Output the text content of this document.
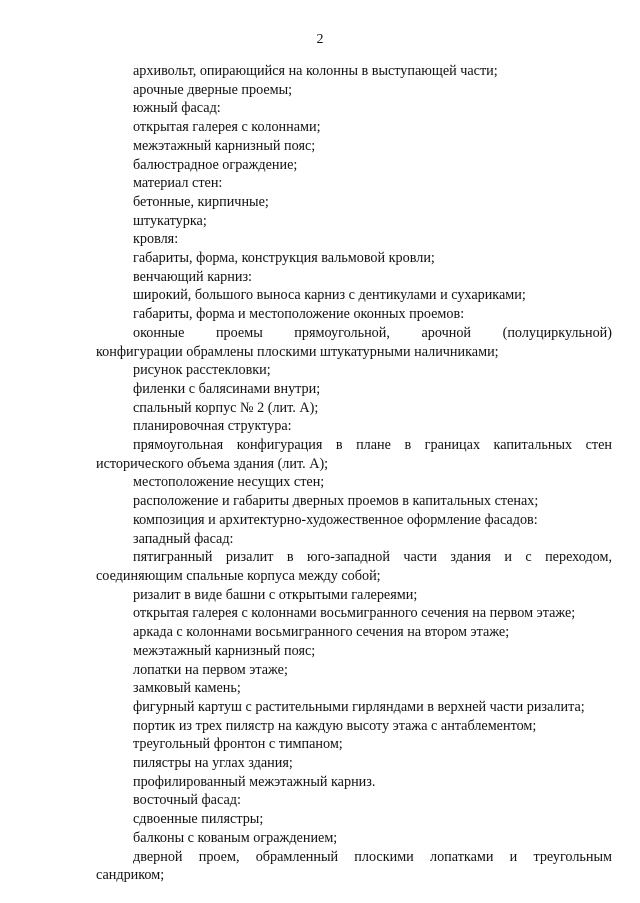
2

архивольт, опирающийся на колонны в выступающей части;

арочные дверные проемы;

южный фасад:

открытая галерея с колоннами;

межэтажный карнизный пояс;

балюстрадное ограждение;

материал стен:

бетонные, кирпичные;

штукатурка;

кровля:

габариты, форма, конструкция вальмовой кровли;

венчающий карниз:

широкий, большого выноса карниз с дентикулами и сухариками;

габариты, форма и местоположение оконных проемов:

оконные проемы прямоугольной, арочной (полуциркульной)

конфигурации обрамлены плоскими штукатурными наличниками;

рисунок расстекловки;

филенки с балясинами внутри;

спальный корпус № 2 (лит. А);

планировочная структура:

прямоугольная конфигурация в плане в границах капитальных стен

исторического объема здания (лит. А);

местоположение несущих стен;

расположение и габариты дверных проемов в капитальных стенах;

композиция и архитектурно-художественное оформление фасадов:

западный фасад:

пятигранный ризалит в юго-западной части здания и с переходом,

соединяющим спальные корпуса между собой;

ризалит в виде башни с открытыми галереями;

открытая галерея с колоннами восьмигранного сечения на первом этаже;

аркада с колоннами восьмигранного сечения на втором этаже;

межэтажный карнизный пояс;

лопатки на первом этаже;

замковый камень;

фигурный картуш с растительными гирляндами в верхней части ризалита;

портик из трех пилястр на каждую высоту этажа с антаблементом;

треугольный фронтон с тимпаном;

пилястры на углах здания;

профилированный межэтажный карниз.

восточный фасад:

сдвоенные пилястры;

балконы с кованым ограждением;

дверной проем, обрамленный плоскими лопатками и треугольным

сандриком;
